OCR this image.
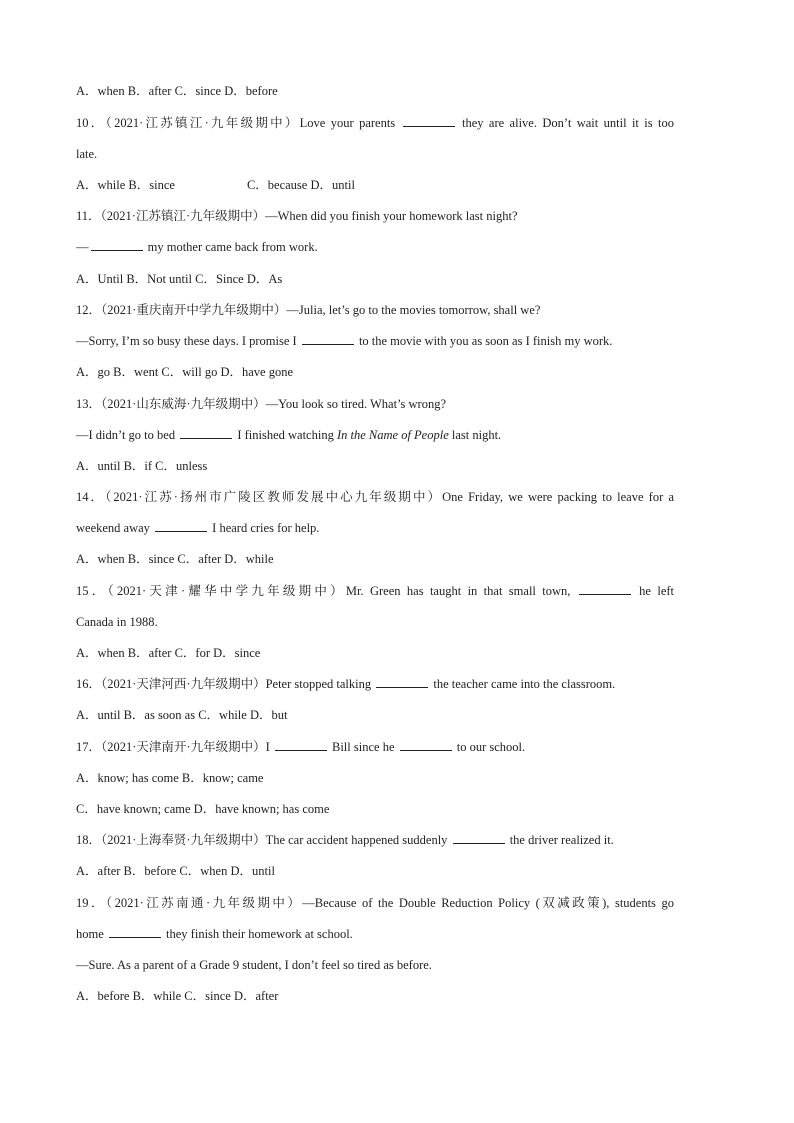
A．when B．after C．since D．before
10．（2021·江苏镇江·九年级期中）Love your parents	they are alive. Don’t wait until it is too
late.
A．while B．since	C．because D．until
11．（2021·江苏镇江·九年级期中）—When did you finish your homework last night?
—	my mother came back from work.
A．Until B．Not until C．Since D．As
12．（2021·重庆南开中学九年级期中）—Julia, let’s go to the movies tomorrow, shall we?
—Sorry, I’m so busy these days. I promise I	to the movie with you as soon as I finish my work.
A．go B．went C．will go D．have gone
13．（2021·山东威海·九年级期中）—You look so tired. What’s wrong?
—I didn’t go to bed	I finished watching In the Name of People last night.
A．until B．if C．unless
14．（2021·江苏·扬州市广陵区教师发展中心九年级期中）One Friday, we were packing to leave for a
weekend away	I heard cries for help.
A．when B．since C．after D．while
15．（2021·天津·耀华中学九年级期中）Mr. Green has taught in that small town,	he left
Canada in 1988.
A．when B．after C．for D．since
16．（2021·天津河西·九年级期中）Peter stopped talking	the teacher came into the classroom.
A．until B．as soon as C．while D．but
17．（2021·天津南开·九年级期中）I	Bill since he	to our school.
A．know; has come B．know; came
C．have known; came D．have known; has come
18．（2021·上海奉贤·九年级期中）The car accident happened suddenly	the driver realized it.
A．after B．before C．when D．until
19．（2021·江苏南通·九年级期中）—Because of the Double Reduction Policy (双减政策), students go
home	they finish their homework at school.
—Sure. As a parent of a Grade 9 student, I don’t feel so tired as before.
A．before B．while C．since D．after
